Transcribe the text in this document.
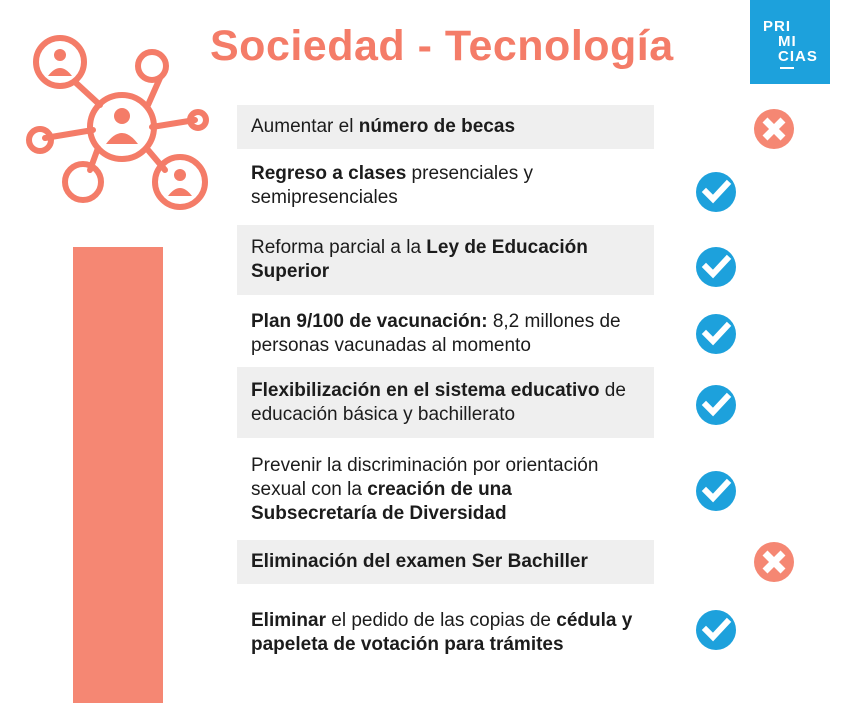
Sociedad - Tecnología	PRI
MI
CIAS
Aumentar el número de becas
Regreso a clases presenciales y semipresenciales
Reforma parcial a la Ley de Educación Superior
Plan 9/100 de vacunación: 8,2 millones de personas vacunadas al momento
Flexibilización en el sistema educativo de educación básica y bachillerato
Prevenir la discriminación por orientación sexual con la creación de una Subsecretaría de Diversidad
Eliminación del examen Ser Bachiller
Eliminar el pedido de las copias de cédula y papeleta de votación para trámites
